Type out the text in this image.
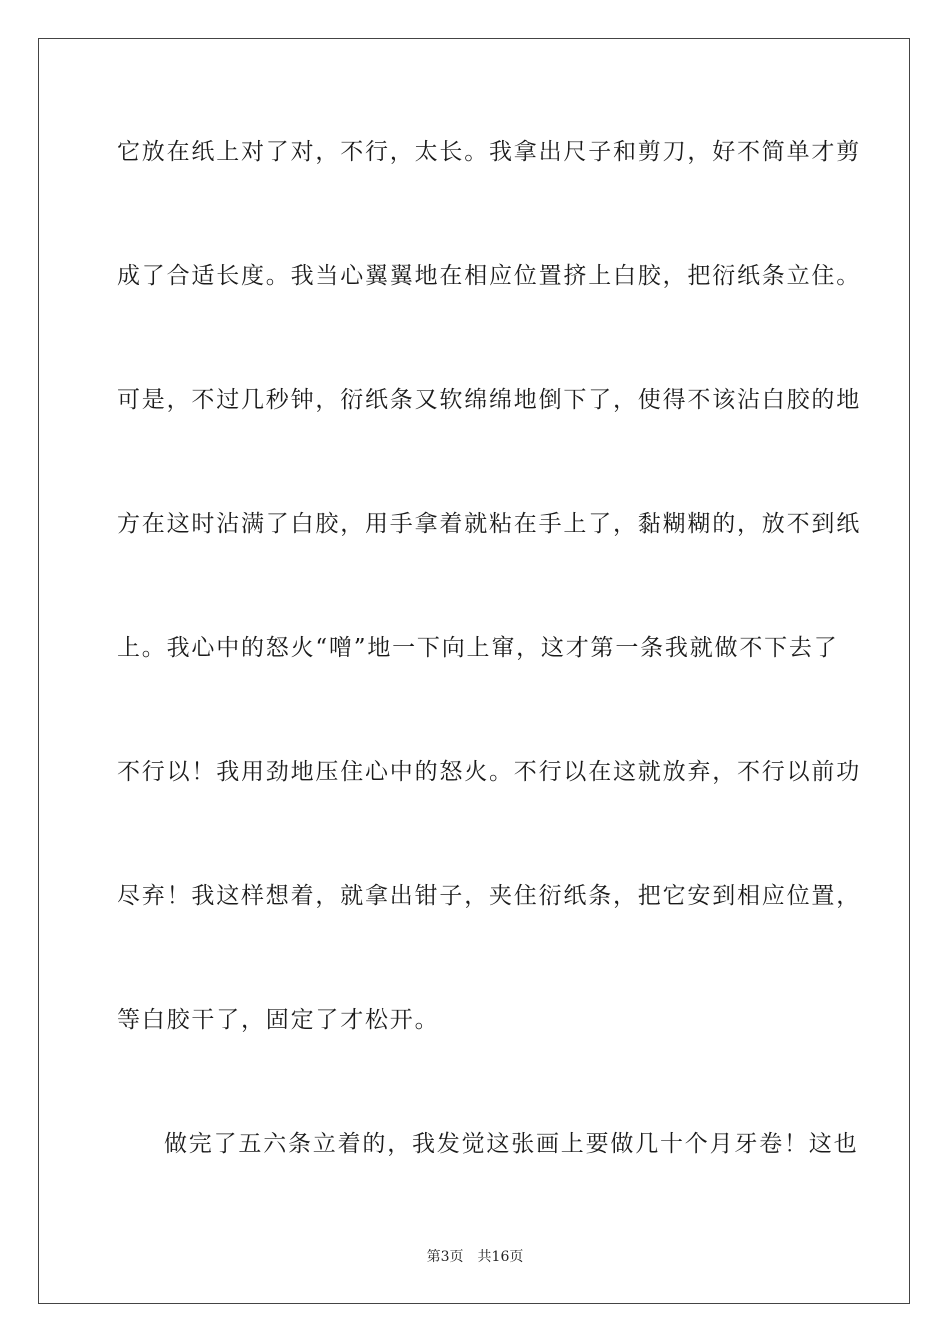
它放在纸上对了对，不行，太长。我拿出尺子和剪刀，好不简单才剪
成了合适长度。我当心翼翼地在相应位置挤上白胶，把衍纸条立住。
可是，不过几秒钟，衍纸条又软绵绵地倒下了，使得不该沾白胶的地
方在这时沾满了白胶，用手拿着就粘在手上了，黏糊糊的，放不到纸
上。我心中的怒火“噌”地一下向上窜，这才第一条我就做不下去了
不行以！我用劲地压住心中的怒火。不行以在这就放弃，不行以前功
尽弃！我这样想着，就拿出钳子，夹住衍纸条，把它安到相应位置，
等白胶干了，固定了才松开。
做完了五六条立着的，我发觉这张画上要做几十个月牙卷！这也
第3页 共16页
